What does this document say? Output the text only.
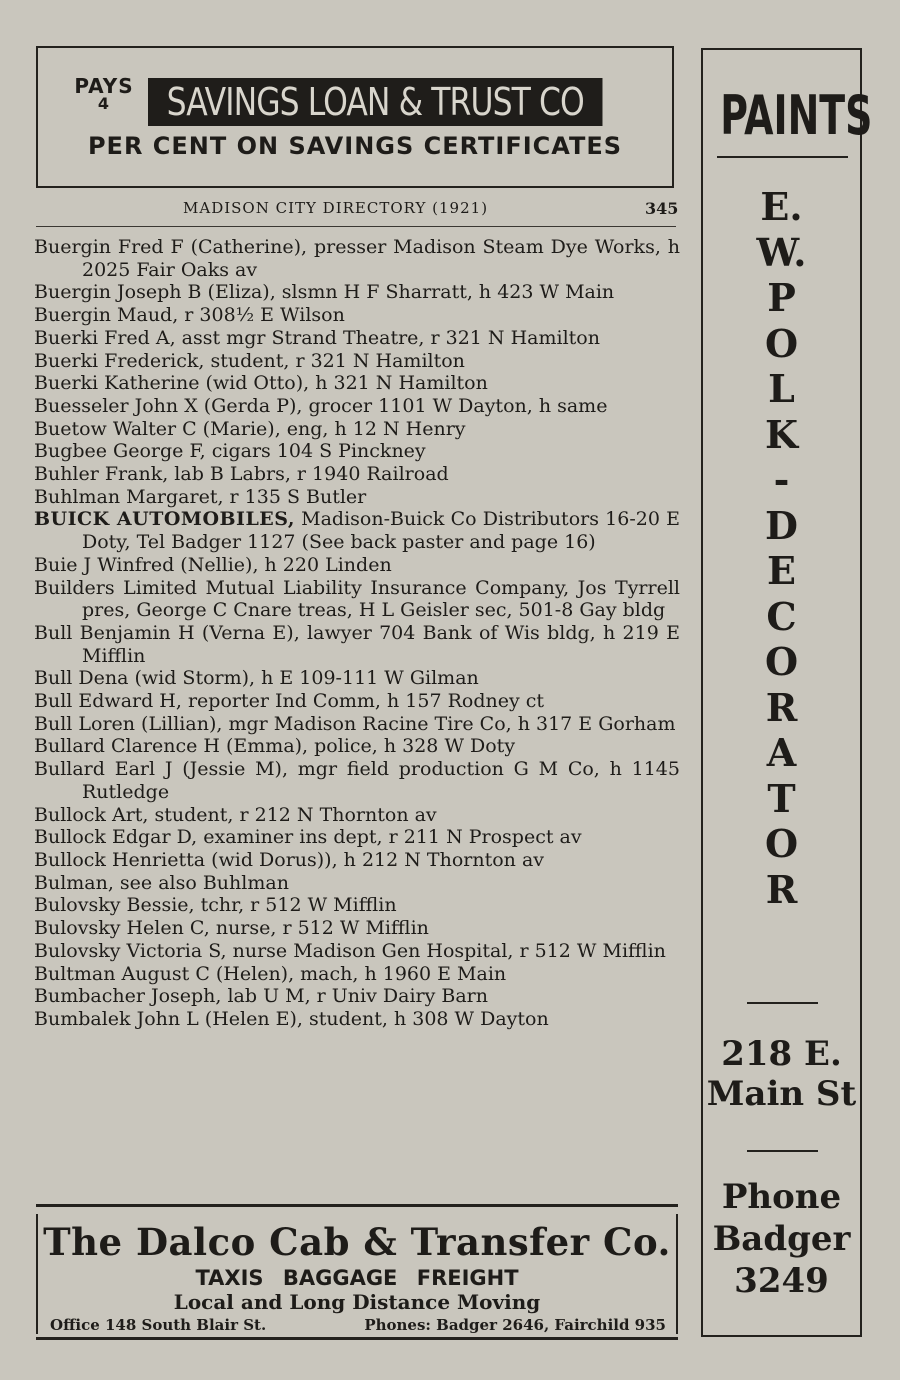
PAYS
4	SAVINGS LOAN & TRUST CO
PER CENT ON SAVINGS CERTIFICATES
MADISON CITY DIRECTORY (1921)	345
Buergin Fred F (Catherine), presser Madison Steam Dye Works, h 2025 Fair Oaks av
Buergin Joseph B (Eliza), slsmn H F Sharratt, h 423 W Main
Buergin Maud, r 308½ E Wilson
Buerki Fred A, asst mgr Strand Theatre, r 321 N Hamilton
Buerki Frederick, student, r 321 N Hamilton
Buerki Katherine (wid Otto), h 321 N Hamilton
Buesseler John X (Gerda P), grocer 1101 W Dayton, h same
Buetow Walter C (Marie), eng, h 12 N Henry
Bugbee George F, cigars 104 S Pinckney
Buhler Frank, lab B Labrs, r 1940 Railroad
Buhlman Margaret, r 135 S Butler
BUICK AUTOMOBILES, Madison-Buick Co Distributors 16-20 E Doty, Tel Badger 1127 (See back paster and page 16)
Buie J Winfred (Nellie), h 220 Linden
Builders Limited Mutual Liability Insurance Company, Jos Tyrrell pres, George C Cnare treas, H L Geisler sec, 501-8 Gay bldg
Bull Benjamin H (Verna E), lawyer 704 Bank of Wis bldg, h 219 E Mifflin
Bull Dena (wid Storm), h E 109-111 W Gilman
Bull Edward H, reporter Ind Comm, h 157 Rodney ct
Bull Loren (Lillian), mgr Madison Racine Tire Co, h 317 E Gorham
Bullard Clarence H (Emma), police, h 328 W Doty
Bullard Earl J (Jessie M), mgr field production G M Co, h 1145 Rutledge
Bullock Art, student, r 212 N Thornton av
Bullock Edgar D, examiner ins dept, r 211 N Prospect av
Bullock Henrietta (wid Dorus)), h 212 N Thornton av
Bulman, see also Buhlman
Bulovsky Bessie, tchr, r 512 W Mifflin
Bulovsky Helen C, nurse, r 512 W Mifflin
Bulovsky Victoria S, nurse Madison Gen Hospital, r 512 W Mifflin
Bultman August C (Helen), mach, h 1960 E Main
Bumbacher Joseph, lab U M, r Univ Dairy Barn
Bumbalek John L (Helen E), student, h 308 W Dayton
The Dalco Cab & Transfer Co.
TAXIS BAGGAGE FREIGHT
Local and Long Distance Moving
Office 148 South Blair St.	Phones: Badger 2646, Fairchild 935
PAINTS
E.
W.
P
O
L
K
-
D
E
C
O
R
A
T
O
R
218 E.
Main St
Phone
Badger
3249
